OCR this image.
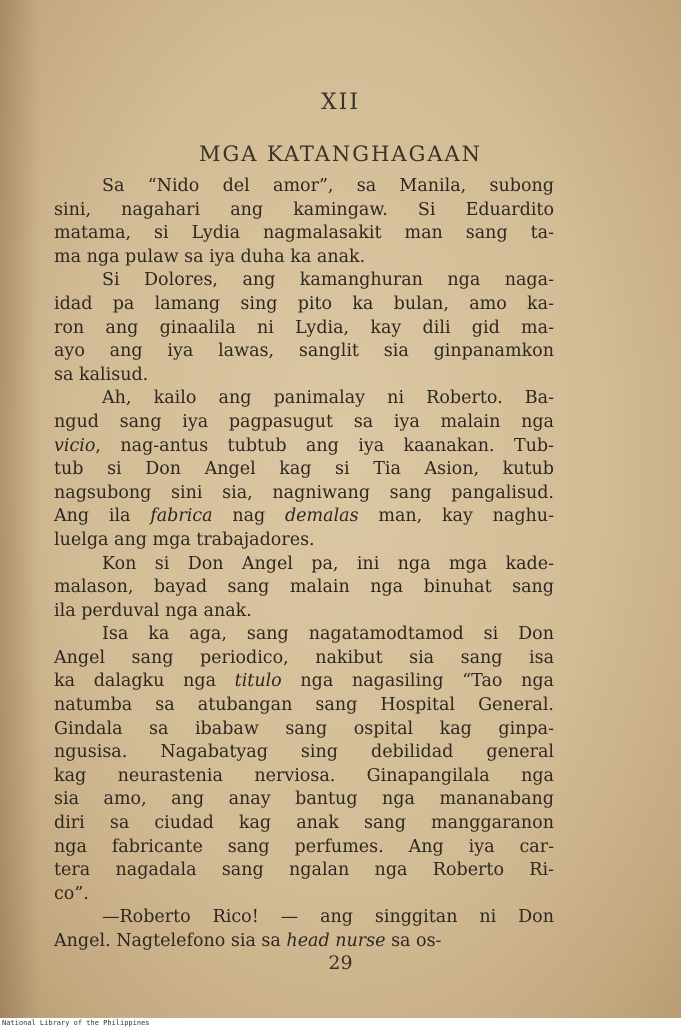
XII
MGA KATANGHAGAAN
Sa “Nido del amor”, sa Manila, subong
sini, nagahari ang kamingaw. Si Eduardito
matama, si Lydia nagmalasakit man sang ta-
ma nga pulaw sa iya duha ka anak.
Si Dolores, ang kamanghuran nga naga-
idad pa lamang sing pito ka bulan, amo ka-
ron ang ginaalila ni Lydia, kay dili gid ma-
ayo ang iya lawas, sanglit sia ginpanamkon
sa kalisud.
Ah, kailo ang panimalay ni Roberto. Ba-
ngud sang iya pagpasugut sa iya malain nga
vicio, nag-antus tubtub ang iya kaanakan. Tub-
tub si Don Angel kag si Tia Asion, kutub
nagsubong sini sia, nagniwang sang pangalisud.
Ang ila fabrica nag demalas man, kay naghu-
luelga ang mga trabajadores.
Kon si Don Angel pa, ini nga mga kade-
malason, bayad sang malain nga binuhat sang
ila perduval nga anak.
Isa ka aga, sang nagatamodtamod si Don
Angel sang periodico, nakibut sia sang isa
ka dalagku nga titulo nga nagasiling “Tao nga
natumba sa atubangan sang Hospital General.
Gindala sa ibabaw sang ospital kag ginpa-
ngusisa. Nagabatyag sing debilidad general
kag neurastenia nerviosa. Ginapangilala nga
sia amo, ang anay bantug nga mananabang
diri sa ciudad kag anak sang manggaranon
nga fabricante sang perfumes. Ang iya car-
tera nagadala sang ngalan nga Roberto Ri-
co”.
—Roberto Rico! — ang singgitan ni Don
Angel. Nagtelefono sia sa head nurse sa os-
29
National Library of the Philippines
